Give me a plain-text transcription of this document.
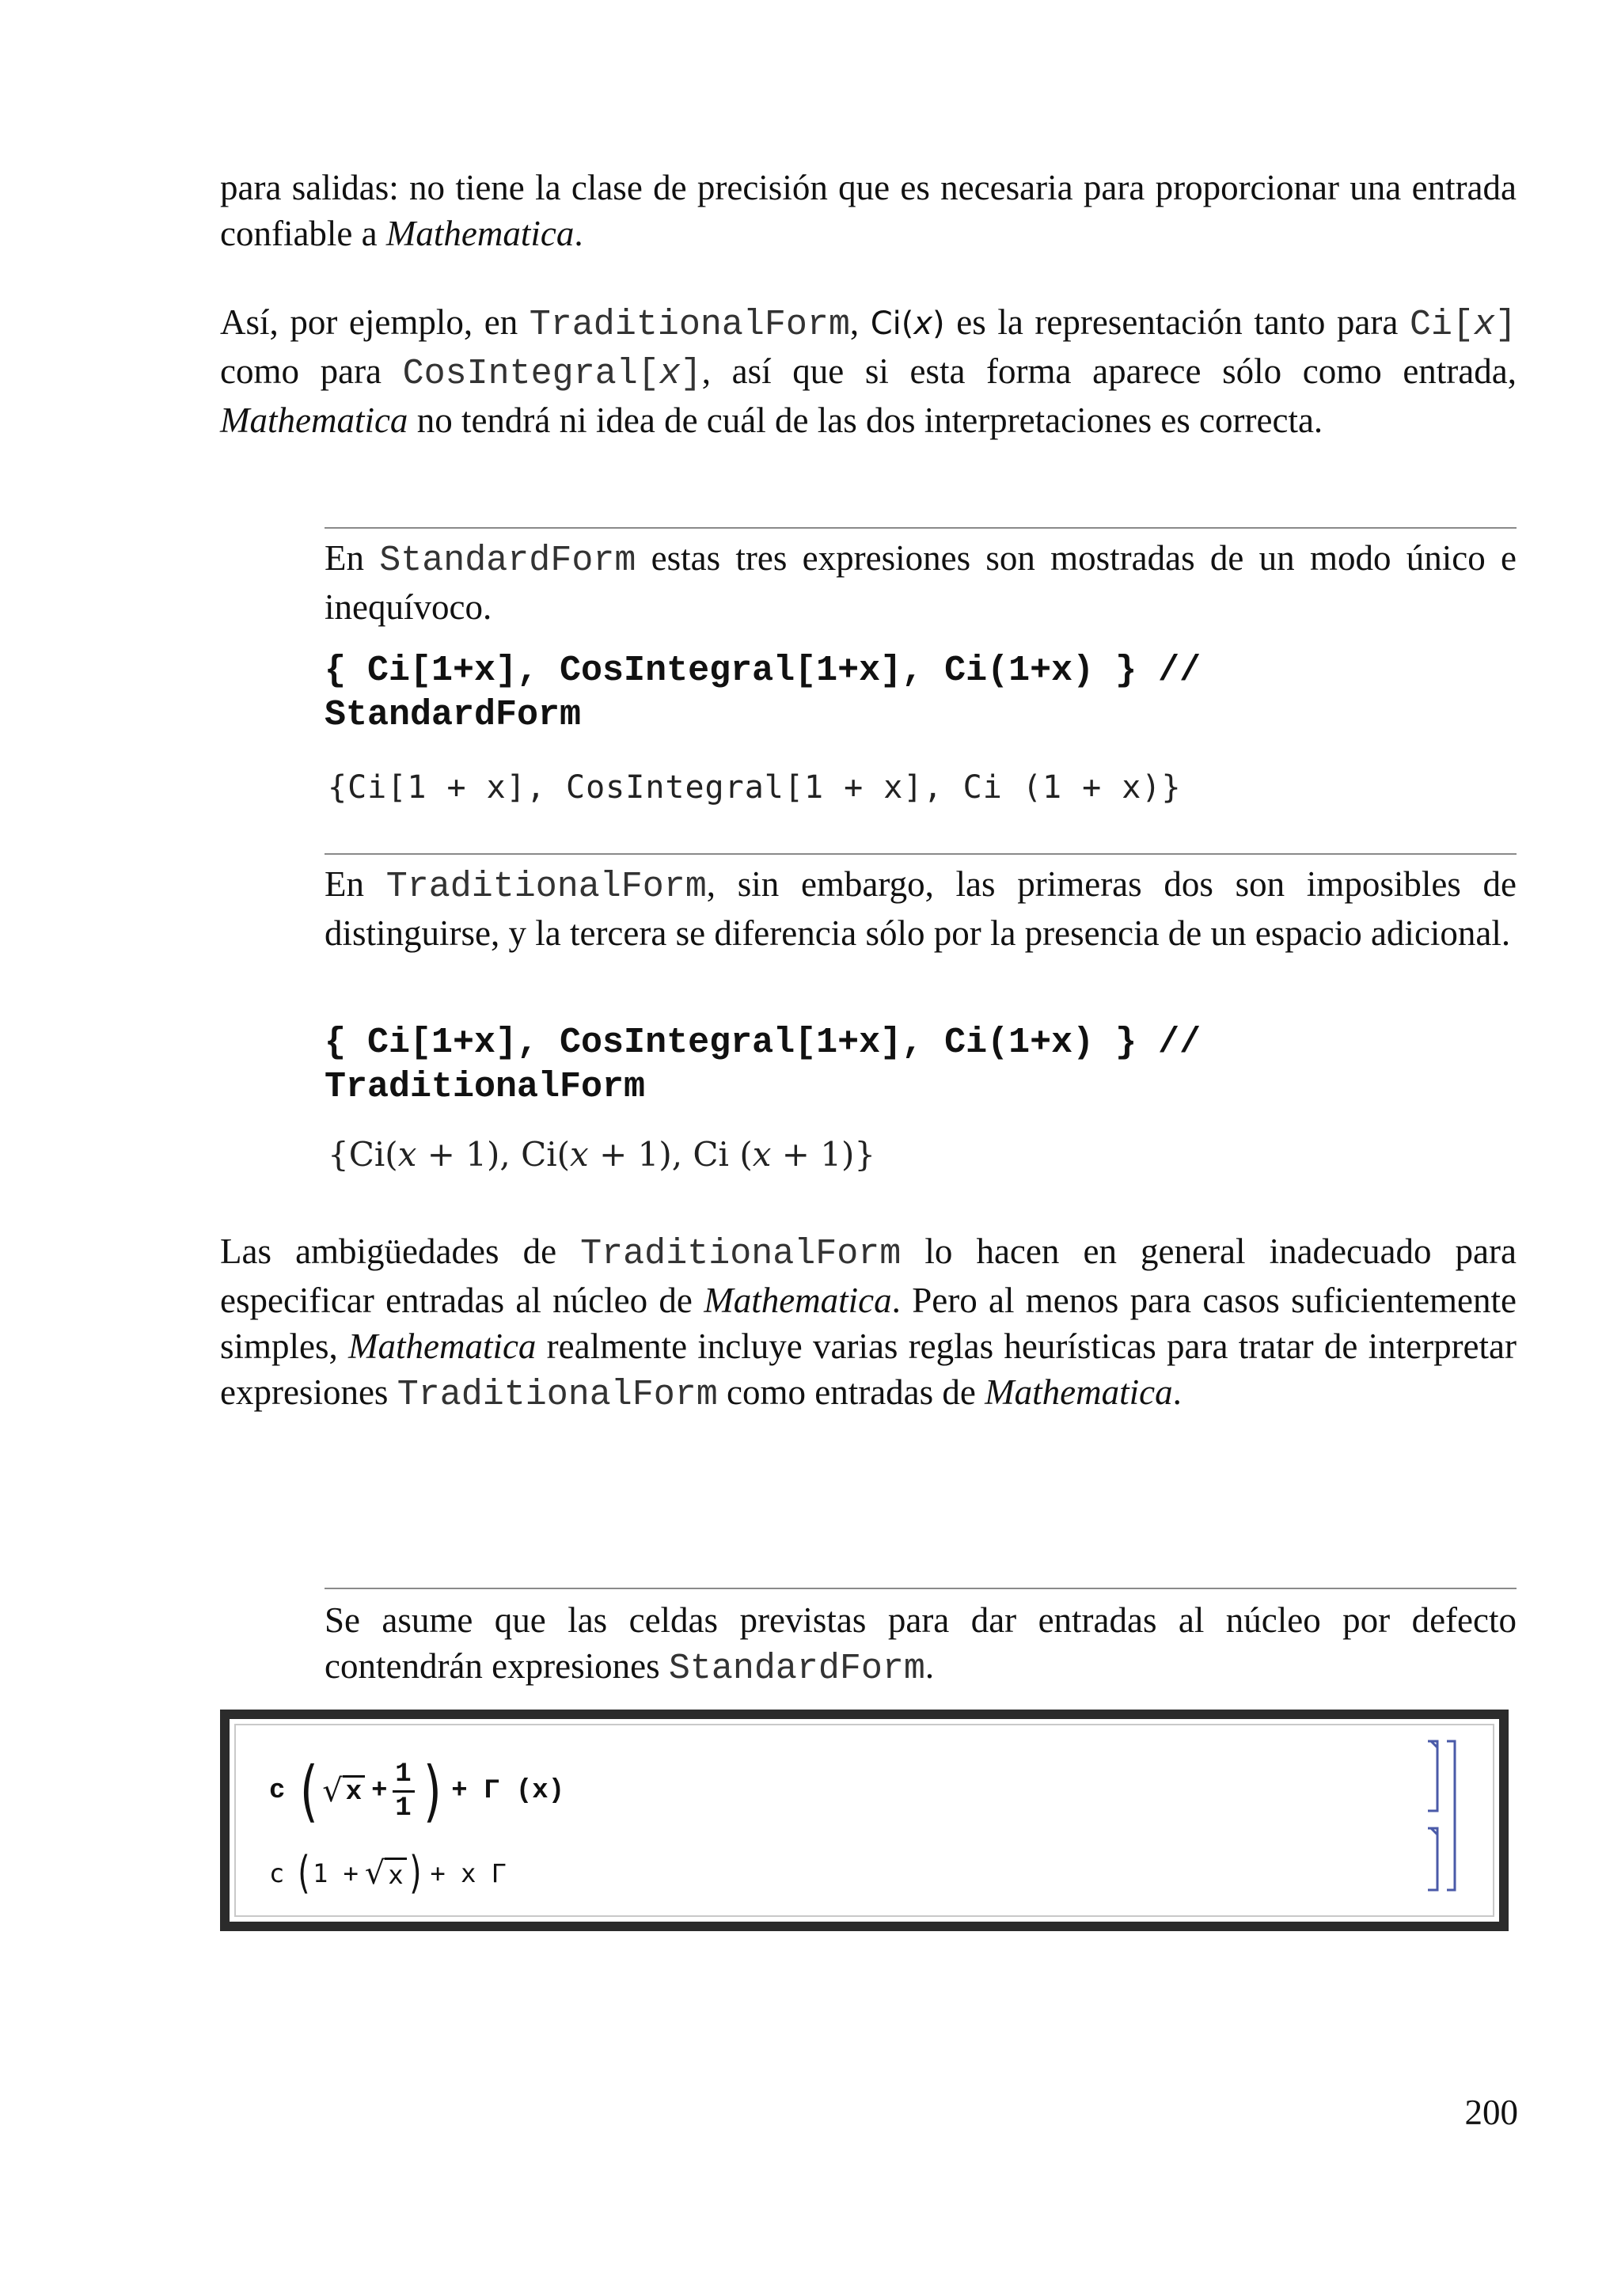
para salidas: no tiene la clase de precisión que es necesaria para proporcionar una entrada confiable a Mathematica.

Así, por ejemplo, en TraditionalForm, Ci(x) es la representación tanto para Ci[x] como para CosIntegral[x], así que si esta forma aparece sólo como entrada, Mathematica no tendrá ni idea de cuál de las dos interpretaciones es correcta.

En StandardForm estas tres expresiones son mostradas de un modo único e inequívoco.

{ Ci[1+x], CosIntegral[1+x], Ci(1+x) } //
StandardForm
{Ci[1 + x], CosIntegral[1 + x], Ci (1 + x)}

En TraditionalForm, sin embargo, las primeras dos son imposibles de distinguirse, y la tercera se diferencia sólo por la presencia de un espacio adicional.

{ Ci[1+x], CosIntegral[1+x], Ci(1+x) } //
TraditionalForm
{Ci(x + 1), Ci(x + 1), Ci (x + 1)}

Las ambigüedades de TraditionalForm lo hacen en general inadecuado para especificar entradas al núcleo de Mathematica. Pero al menos para casos suficientemente simples, Mathematica realmente incluye varias reglas heurísticas para tratar de interpretar expresiones TraditionalForm como entradas de Mathematica.

Se asume que las celdas previstas para dar entradas al núcleo por defecto contendrán expresiones StandardForm.

c ( √ $x + \frac{1}{1}$ ) + Γ (x)
c ( 1 + √ x ) + x Γ
200
